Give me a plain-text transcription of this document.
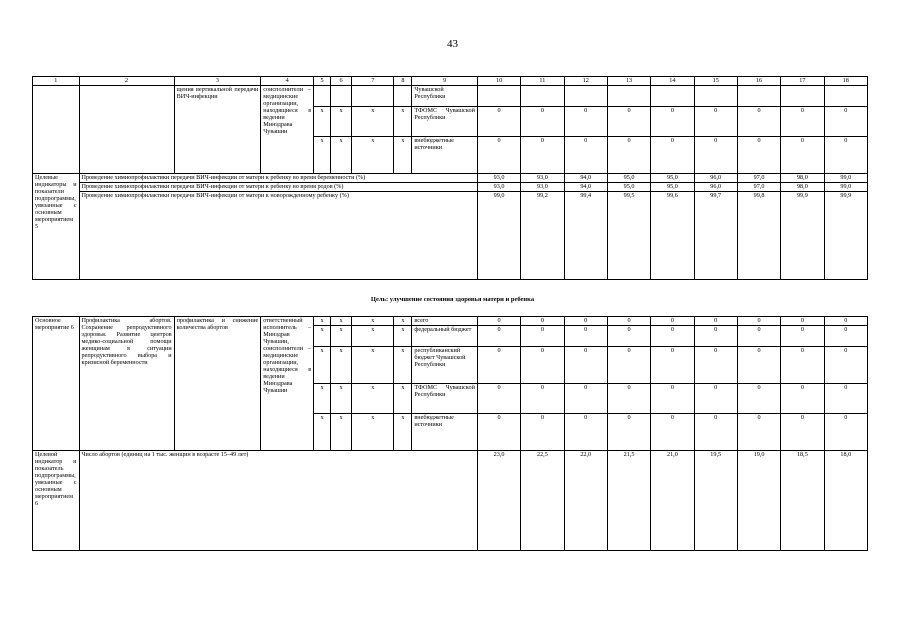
43
1	2	3	4	5	6	7	8	9	10	11	12	13	14	15	16	17	18
		щения вертикальной передачи ВИЧ-инфекции	соисполнители – медицинские организации, находящиеся в ведении Минздрава Чувашии					Чувашской Республики									
				х	х	х	х	ТФОМС Чувашской Республики	0	0	0	0	0	0	0	0	0
				х	х	х	х	внебюджетные источники	0	0	0	0	0	0	0	0	0
Целевые индикаторы и показатели подпрограммы, увязанные с основным мероприятием 5	Проведение химиопрофилактики передачи ВИЧ-инфекции от матери к ребенку во время беременности (%)								93,0	93,0	94,0	95,0	95,0	96,0	97,0	98,0	99,0
	Проведение химиопрофилактики передачи ВИЧ-инфекции от матери к ребенку во время родов (%)								93,0	93,0	94,0	95,0	95,0	96,0	97,0	98,0	99,0
	Проведение химиопрофилактики передачи ВИЧ-инфекции от матери к новорожденному ребенку (%)								99,0	99,2	99,4	99,5	99,6	99,7	99,8	99,9	99,9
Цель: улучшение состояния здоровья матери и ребенка
Основное мероприятие 6	Профилактика абортов. Сохранение репродуктивного здоровья. Развитие центров медико-социальной помощи женщинам в ситуации репродуктивного выбора и кризисной беременности	профилактика и снижение количества абортов	ответственный исполнитель – Минздрав Чувашии, соисполнители – медицинские организации, находящиеся в ведении Минздрава Чувашии	х	х	х	х	всего	0	0	0	0	0	0	0	0	0
				х	х	х	х	федеральный бюджет	0	0	0	0	0	0	0	0	0
				х	х	х	х	республиканский бюджет Чувашской Республики	0	0	0	0	0	0	0	0	0
				х	х	х	х	ТФОМС Чувашской Республики	0	0	0	0	0	0	0	0	0
				х	х	х	х	внебюджетные источники	0	0	0	0	0	0	0	0	0
Целевой индикатор и показатель подпрограммы, увязанные с основным мероприятием 6	Число абортов (единиц на 1 тыс. женщин в возрасте 15–49 лет)								23,0	22,5	22,0	21,5	21,0	19,5	19,0	18,5	18,0
